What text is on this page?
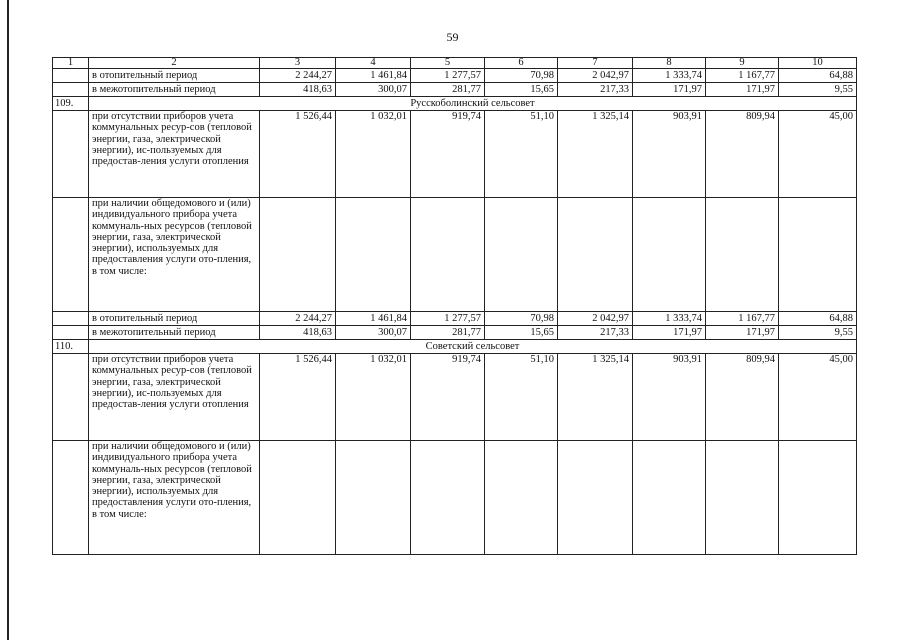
59
1	2	3	4	5	6	7	8	9	10
	в отопительный период	2 244,27	1 461,84	1 277,57	70,98	2 042,97	1 333,74	1 167,77	64,88
	в межотопительный период	418,63	300,07	281,77	15,65	217,33	171,97	171,97	9,55
109.	Русскоболинский сельсовет								
	при отсутствии приборов учета коммунальных ресур-сов (тепловой энергии, газа, электрической энергии), ис-пользуемых для предостав-ления услуги отопления	1 526,44	1 032,01	919,74	51,10	1 325,14	903,91	809,94	45,00
	при наличии общедомового и (или) индивидуального прибора учета коммуналь-ных ресурсов (тепловой энергии, газа, электрической энергии), используемых для предоставления услуги ото-пления, в том числе:								
	в отопительный период	2 244,27	1 461,84	1 277,57	70,98	2 042,97	1 333,74	1 167,77	64,88
	в межотопительный период	418,63	300,07	281,77	15,65	217,33	171,97	171,97	9,55
110.	Советский сельсовет								
	при отсутствии приборов учета коммунальных ресур-сов (тепловой энергии, газа, электрической энергии), ис-пользуемых для предостав-ления услуги отопления	1 526,44	1 032,01	919,74	51,10	1 325,14	903,91	809,94	45,00
	при наличии общедомового и (или) индивидуального прибора учета коммуналь-ных ресурсов (тепловой энергии, газа, электрической энергии), используемых для предоставления услуги ото-пления, в том числе:								
